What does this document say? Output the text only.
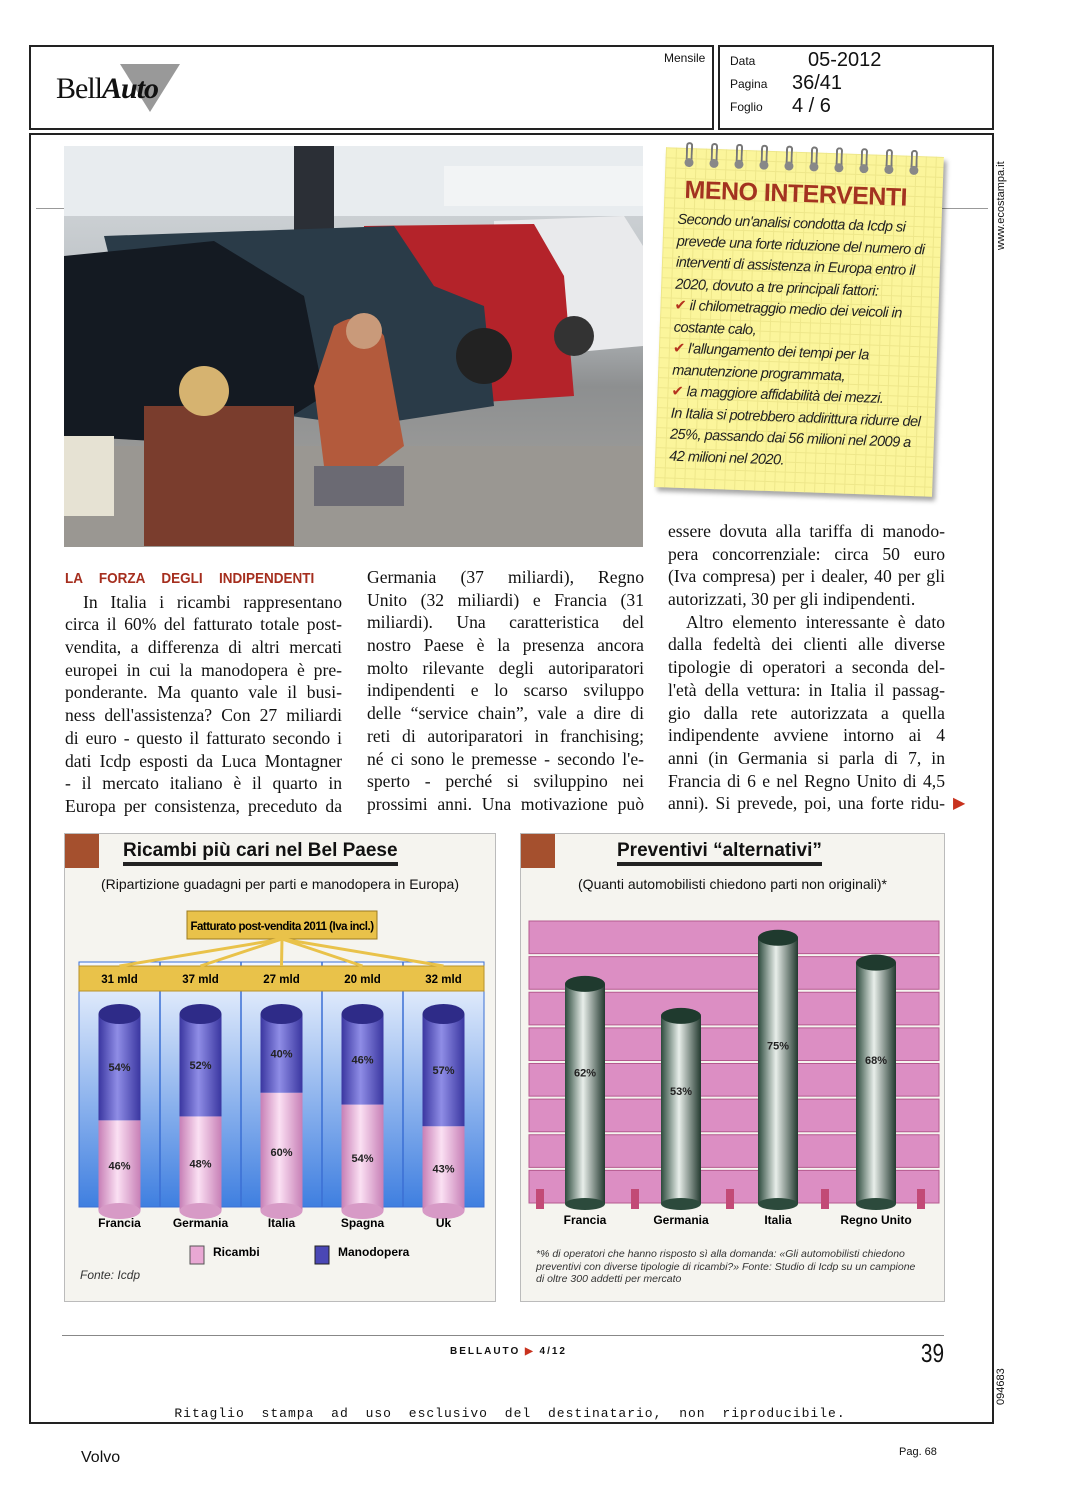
BellAuto
Mensile Data	05-2012
Pagina 36/41
Foglio 4 / 6
www.ecostampa.it
094683
MENO INTERVENTI
Secondo un'analisi condotta da Icdp si prevede una forte riduzione del numero di interventi di assistenza in Europa entro il 2020, dovuto a tre principali fattori:
✔ il chilometraggio medio dei veicoli in costante calo,
✔ l'allungamento dei tempi per la manutenzione programmata,
✔ la maggiore affidabilità dei mezzi.
In Italia si potrebbero addirittura ridurre del 25%, passando dai 56 milioni nel 2009 a 42 milioni nel 2020.
LA FORZA DEGLI INDIPENDENTI
In Italia i ricambi rappresentano
circa il 60% del fatturato totale post-
vendita, a differenza di altri mercati
europei in cui la manodopera è pre-
ponderante. Ma quanto vale il busi-
ness dell'assistenza? Con 27 miliardi
di euro - questo il fatturato secondo i
dati Icdp esposti da Luca Montagner
- il mercato italiano è il quarto in
Europa per consistenza, preceduto da
Germania (37 miliardi), Regno
Unito (32 miliardi) e Francia (31
miliardi). Una caratteristica del
nostro Paese è la presenza ancora
molto rilevante degli autoriparatori
indipendenti e lo scarso sviluppo
delle “service chain”, vale a dire di
reti di autoriparatori in franchising;
né ci sono le premesse - secondo l'e-
sperto - perché si sviluppino nei
prossimi anni. Una motivazione può
essere dovuta alla tariffa di manodo-
pera concorrenziale: circa 50 euro
(Iva compresa) per i dealer, 40 per gli
autorizzati, 30 per gli indipendenti.
Altro elemento interessante è dato
dalla fedeltà dei clienti alle diverse
tipologie di operatori a seconda del-
l'età della vettura: in Italia il passag-
gio dalla rete autorizzata a quella
indipendente avviene intorno ai 4
anni (in Germania si parla di 7, in
Francia di 6 e nel Regno Unito di 4,5
anni). Si prevede, poi, una forte ridu- ▶
Ricambi più cari nel Bel Paese
(Ripartizione guadagni per parti e manodopera in Europa)
Fatturato post-vendita 2011 (Iva incl.)
31 mld
54%
46%
Francia
37 mld
52%
48%
Germania
27 mld
40%
60%
Italia
20 mld
46%
54%
Spagna
32 mld
57%
43%
Uk
Ricambi	Manodopera
Fonte: Icdp
Preventivi “alternativi”
(Quanti automobilisti chiedono parti non originali)*
62%
Francia
53%
Germania
75%
Italia
68%
Regno Unito
*% di operatori che hanno risposto sì alla domanda: «Gli automobilisti chiedono preventivi con diverse tipologie di ricambi?» Fonte: Studio di Icdp su un campione di oltre 300 addetti per mercato
BELLAUTO ▶ 4/12	39
Ritaglio stampa ad uso esclusivo del destinatario, non riproducibile.
Volvo	Pag. 68
